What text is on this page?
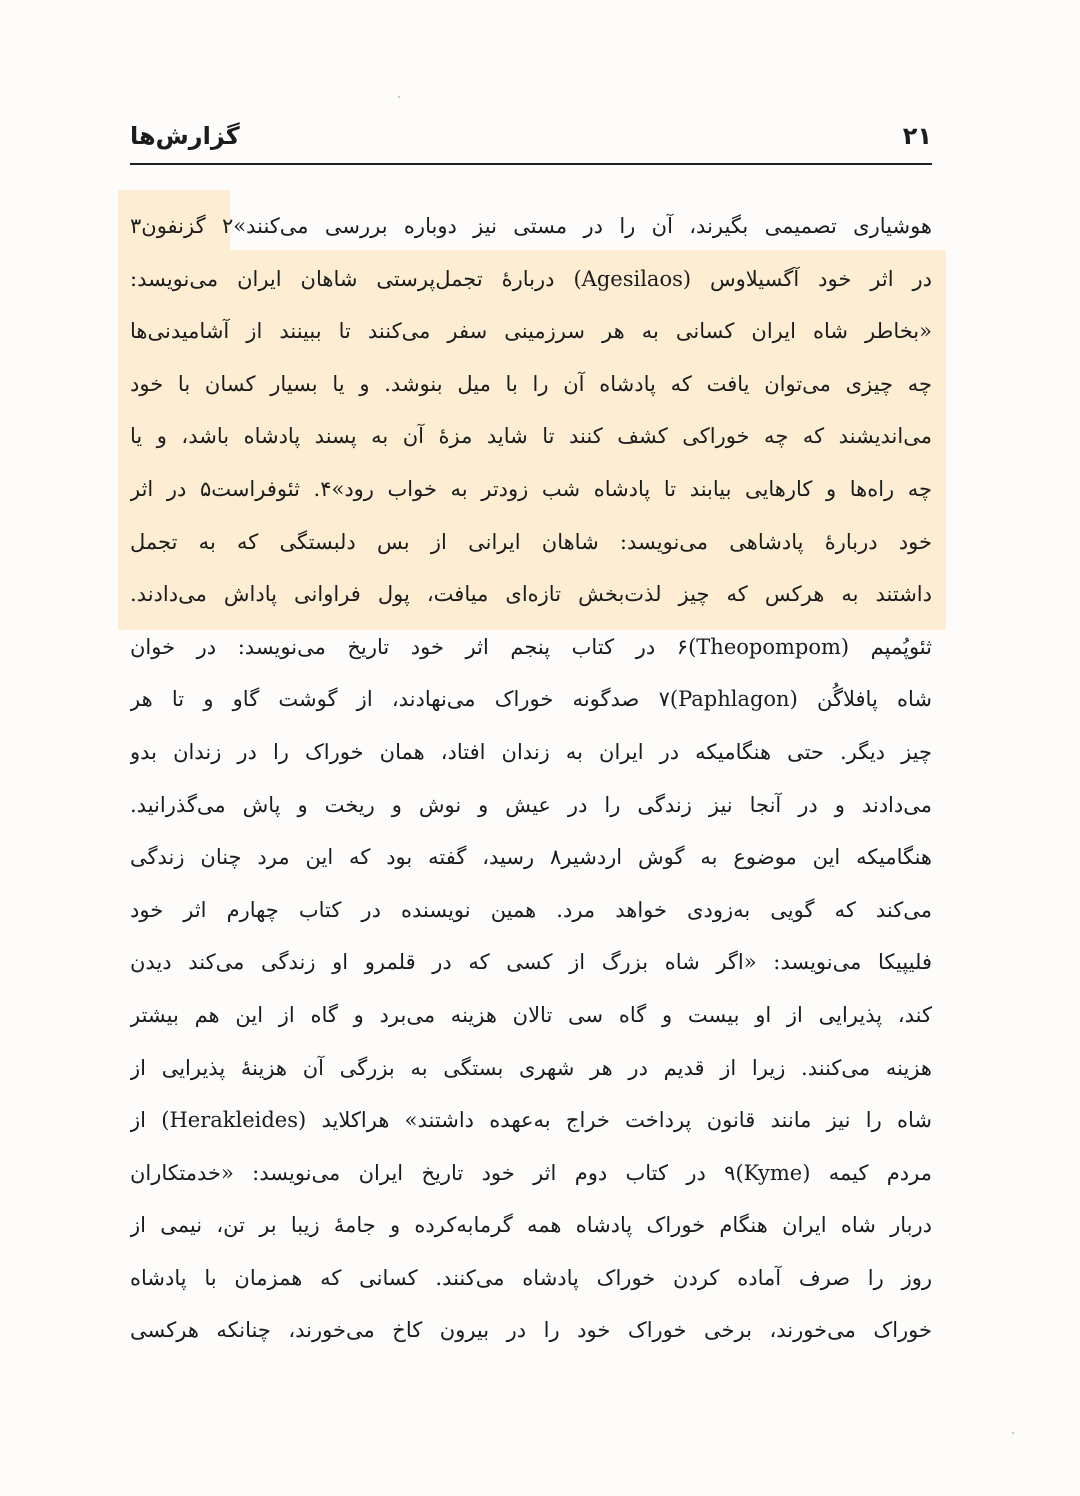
۲۱
گزارش‌ها
هوشیاری تصمیمی بگیرند، آن را در مستی نیز دوباره بررسی می‌کنند»۲ گزنفون۳
در اثر خود آگسیلاوس (Agesilaos) دربارهٔ تجمل‌پرستی شاهان ایران می‌نویسد:
«بخاطر شاه ایران کسانی به هر سرزمینی سفر می‌کنند تا ببینند از آشامیدنی‌ها
چه چیزی می‌توان یافت که پادشاه آن را با میل بنوشد. و یا بسیار کسان با خود
می‌اندیشند که چه خوراکی کشف کنند تا شاید مزهٔ آن به پسند پادشاه باشد، و یا
چه راه‌ها و کارهایی بیابند تا پادشاه شب زودتر به خواب رود»۴. ثئوفراست۵ در اثر
خود دربارهٔ پادشاهی می‌نویسد: شاهان ایرانی از بس دلبستگی که به تجمل
داشتند به هرکس که چیز لذت‌بخش تازه‌ای میافت، پول فراوانی پاداش می‌دادند.
ثئوپُمپم (Theopompom)۶ در کتاب پنجم اثر خود تاریخ می‌نویسد: در خوان
شاه پافلاگُن (Paphlagon)۷ صدگونه خوراک می‌نهادند، از گوشت گاو و تا هر
چیز دیگر. حتی هنگامیکه در ایران به زندان افتاد، همان خوراک را در زندان بدو
می‌دادند و در آنجا نیز زندگی را در عیش و نوش و ریخت و پاش می‌گذرانید.
هنگامیکه این موضوع به گوش اردشیر۸ رسید، گفته بود که این مرد چنان زندگی
می‌کند که گویی به‌زودی خواهد مرد. همین نویسنده در کتاب چهارم اثر خود
فلیپیکا می‌نویسد: «اگر شاه بزرگ از کسی که در قلمرو او زندگی می‌کند دیدن
کند، پذیرایی از او بیست و گاه سی تالان هزینه می‌برد و گاه از این هم بیشتر
هزینه می‌کنند. زیرا از قدیم در هر شهری بستگی به بزرگی آن هزینهٔ پذیرایی از
شاه را نیز مانند قانون پرداخت خراج به‌عهده داشتند» هراکلاید (Herakleides) از
مردم کیمه (Kyme)۹ در کتاب دوم اثر خود تاریخ ایران می‌نویسد: «خدمتکاران
دربار شاه ایران هنگام خوراک پادشاه همه گرمابه‌کرده و جامهٔ زیبا بر تن، نیمی از
روز را صرف آماده کردن خوراک پادشاه می‌کنند. کسانی که همزمان با پادشاه
خوراک می‌خورند، برخی خوراک خود را در بیرون کاخ می‌خورند، چنانکه هرکسی
